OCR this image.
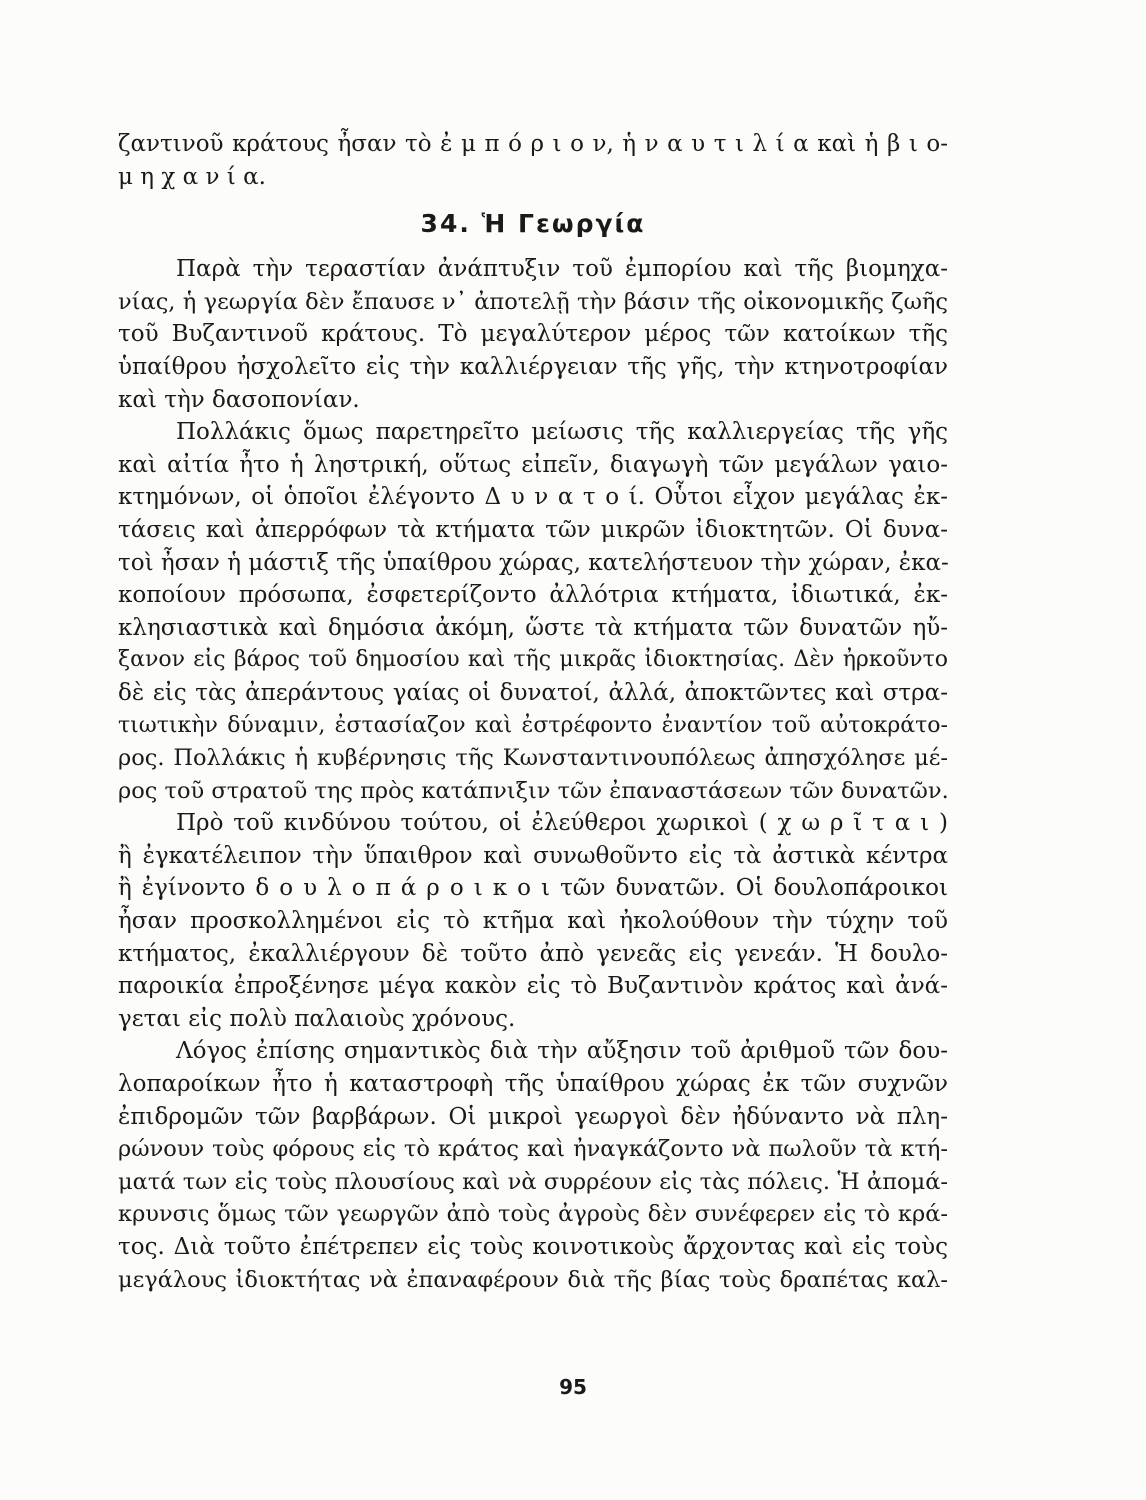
ζαντινοῦ κράτους ἦσαν τὸ ἐ μ π ό ρ ι ο ν, ἡ ν α υ τ ι λ ί α καὶ ἡ β ι ο-
μ η χ α ν ί α.
34. Ἡ Γεωργία
Παρὰ τὴν τεραστίαν ἀνάπτυξιν τοῦ ἐμπορίου καὶ τῆς βιομηχα-
νίας, ἡ γεωργία δὲν ἔπαυσε ν᾽ ἀποτελῇ τὴν βάσιν τῆς οἰκονομικῆς ζωῆς
τοῦ Βυζαντινοῦ κράτους. Τὸ μεγαλύτερον μέρος τῶν κατοίκων τῆς
ὑπαίθρου ἠσχολεῖτο εἰς τὴν καλλιέργειαν τῆς γῆς, τὴν κτηνοτροφίαν
καὶ τὴν δασοπονίαν.
Πολλάκις ὅμως παρετηρεῖτο μείωσις τῆς καλλιεργείας τῆς γῆς
καὶ αἰτία ἦτο ἡ ληστρική, οὕτως εἰπεῖν, διαγωγὴ τῶν μεγάλων γαιο-
κτημόνων, οἱ ὁποῖοι ἐλέγοντο Δ υ ν α τ ο ί. Οὗτοι εἶχον μεγάλας ἐκ-
τάσεις καὶ ἀπερρόφων τὰ κτήματα τῶν μικρῶν ἰδιοκτητῶν. Οἱ δυνα-
τοὶ ἦσαν ἡ μάστιξ τῆς ὑπαίθρου χώρας, κατελήστευον τὴν χώραν, ἐκα-
κοποίουν πρόσωπα, ἐσφετερίζοντο ἀλλότρια κτήματα, ἰδιωτικά, ἐκ-
κλησιαστικὰ καὶ δημόσια ἀκόμη, ὥστε τὰ κτήματα τῶν δυνατῶν ηὔ-
ξανον εἰς βάρος τοῦ δημοσίου καὶ τῆς μικρᾶς ἰδιοκτησίας. Δὲν ἠρκοῦντο
δὲ εἰς τὰς ἀπεράντους γαίας οἱ δυνατοί, ἀλλά, ἀποκτῶντες καὶ στρα-
τιωτικὴν δύναμιν, ἐστασίαζον καὶ ἐστρέφοντο ἐναντίον τοῦ αὐτοκράτο-
ρος. Πολλάκις ἡ κυβέρνησις τῆς Κωνσταντινουπόλεως ἀπησχόλησε μέ-
ρος τοῦ στρατοῦ της πρὸς κατάπνιξιν τῶν ἐπαναστάσεων τῶν δυνατῶν.
Πρὸ τοῦ κινδύνου τούτου, οἱ ἐλεύθεροι χωρικοὶ ( χ ω ρ ῖ τ α ι )
ἢ ἐγκατέλειπον τὴν ὕπαιθρον καὶ συνωθοῦντο εἰς τὰ ἀστικὰ κέντρα
ἢ ἐγίνοντο δ ο υ λ ο π ά ρ ο ι κ ο ι τῶν δυνατῶν. Οἱ δουλοπάροικοι
ἦσαν προσκολλημένοι εἰς τὸ κτῆμα καὶ ἠκολούθουν τὴν τύχην τοῦ
κτήματος, ἐκαλλιέργουν δὲ τοῦτο ἀπὸ γενεᾶς εἰς γενεάν. Ἡ δουλο-
παροικία ἐπροξένησε μέγα κακὸν εἰς τὸ Βυζαντινὸν κράτος καὶ ἀνά-
γεται εἰς πολὺ παλαιοὺς χρόνους.
Λόγος ἐπίσης σημαντικὸς διὰ τὴν αὔξησιν τοῦ ἀριθμοῦ τῶν δου-
λοπαροίκων ἦτο ἡ καταστροφὴ τῆς ὑπαίθρου χώρας ἐκ τῶν συχνῶν
ἐπιδρομῶν τῶν βαρβάρων. Οἱ μικροὶ γεωργοὶ δὲν ἠδύναντο νὰ πλη-
ρώνουν τοὺς φόρους εἰς τὸ κράτος καὶ ἠναγκάζοντο νὰ πωλοῦν τὰ κτή-
ματά των εἰς τοὺς πλουσίους καὶ νὰ συρρέουν εἰς τὰς πόλεις. Ἡ ἀπομά-
κρυνσις ὅμως τῶν γεωργῶν ἀπὸ τοὺς ἀγροὺς δὲν συνέφερεν εἰς τὸ κρά-
τος. Διὰ τοῦτο ἐπέτρεπεν εἰς τοὺς κοινοτικοὺς ἄρχοντας καὶ εἰς τοὺς
μεγάλους ἰδιοκτήτας νὰ ἐπαναφέρουν διὰ τῆς βίας τοὺς δραπέτας καλ-
95
